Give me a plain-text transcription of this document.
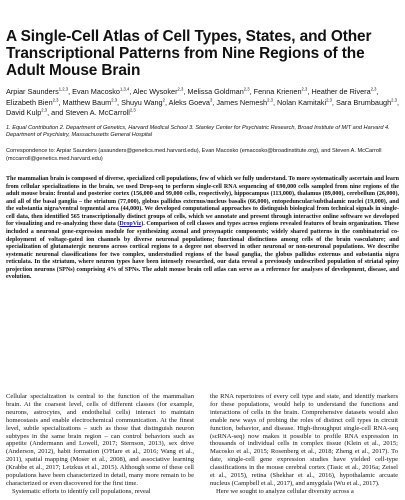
A Single-Cell Atlas of Cell Types, States, and Other Transcriptional Patterns from Nine Regions of the Adult Mouse Brain
Arpiar Saunders$^{1,2,3}$, Evan Macosko$^{1,3,4}$, Alec Wysoker$^{2,3}$, Melissa Goldman$^{2,3}$, Fenna Krienen$^{2,3}$, Heather de Rivera$^{2,3}$, Elizabeth Bien$^{2,3}$, Matthew Baum$^{2,3}$, Shuyu Wang$^2$, Aleks Goeva$^3$, James Nemesh$^{2,3}$, Nolan Kamitaki$^{2,3}$, Sara Brumbaugh$^{2,3}$, David Kulp$^{2,3}$, and Steven A. McCarroll$^{2,3}$
1. Equal Contribution 2. Department of Genetics, Harvard Medical School 3. Stanley Center for Psychiatric Research, Broad Institute of MIT and Harvard 4. Department of Psychiatry, Massachusetts General Hospital
Correspondence to: Arpiar Saunders (asaunders@genetics.med.harvard.edu), Evan Macosko (emacosko@broadinstitute.org), and Steven A. McCarroll (mccarroll@genetics.med.harvard.edu)
The mammalian brain is composed of diverse, specialized cell populations, few of which we fully understand. To more systematically ascertain and learn from cellular specializations in the brain, we used Drop-seq to perform single-cell RNA sequencing of 690,000 cells sampled from nine regions of the adult mouse brain: frontal and posterior cortex (156,000 and 99,000 cells, respectively), hippocampus (113,000), thalamus (89,000), cerebellum (26,000), and all of the basal ganglia – the striatum (77,000), globus pallidus externus/nucleus basalis (66,000), entopeduncular/subthalamic nuclei (19,000), and the substantia nigra/ventral tegmental area (44,000). We developed computational approaches to distinguish biological from technical signals in single-cell data, then identified 565 transcriptionally distinct groups of cells, which we annotate and present through interactive online software we developed for visualizing and re-analyzing these data (DropViz). Comparison of cell classes and types across regions revealed features of brain organization. These included a neuronal gene-expression module for synthesizing axonal and presynaptic components; widely shared patterns in the combinatorial co-deployment of voltage-gated ion channels by diverse neuronal populations; functional distinctions among cells of the brain vasculature; and specialization of glutamatergic neurons across cortical regions to a degree not observed in other neuronal or non-neuronal populations. We describe systematic neuronal classifications for two complex, understudied regions of the basal ganglia, the globus pallidus externus and substantia nigra reticulata. In the striatum, where neuron types have been intensely researched, our data reveal a previously undescribed population of striatal spiny projection neurons (SPNs) comprising 4% of SPNs. The adult mouse brain cell atlas can serve as a reference for analyses of development, disease, and evolution.

Cellular specialization is central to the function of the mammalian brain. At the coarsest level, cells of different classes (for example, neurons, astrocytes, and endothelial cells) interact to maintain homeostasis and enable electrochemical communication. At the finest level, subtle specializations – such as those that distinguish neuron subtypes in the same brain region – can control behaviors such as appetite (Andermann and Lowell, 2017; Sternson, 2013), sex drive (Anderson, 2012), habit formation (O'Hare et al., 2016; Wang et al., 2011), spatial mapping (Moser et al., 2008), and associative learning (Krabbe et al., 2017; Letzkus et al., 2015). Although some of these cell populations have been characterized in detail, many more remain to be characterized or even discovered for the first time.

Systematic efforts to identify cell populations, reveal

the RNA repertoires of every cell type and state, and identify markers for these populations, would help to understand the functions and interactions of cells in the brain. Comprehensive datasets would also enable new ways of probing the roles of distinct cell types in circuit function, behavior, and disease. High-throughput single-cell RNA-seq (scRNA-seq) now makes it possible to profile RNA expression in thousands of individual cells in complex tissue (Klein et al., 2015; Macosko et al., 2015; Rosenberg et al., 2018; Zheng et al., 2017). To date, single-cell gene expression studies have yielded cell-type classifications in the mouse cerebral cortex (Tasic et al., 2016a; Zeisel et al., 2015), retina (Shekhar et al., 2016), hypothalamic arcuate nucleus (Campbell et al., 2017), and amygdala (Wu et al., 2017).

Here we sought to analyze cellular diversity across a
